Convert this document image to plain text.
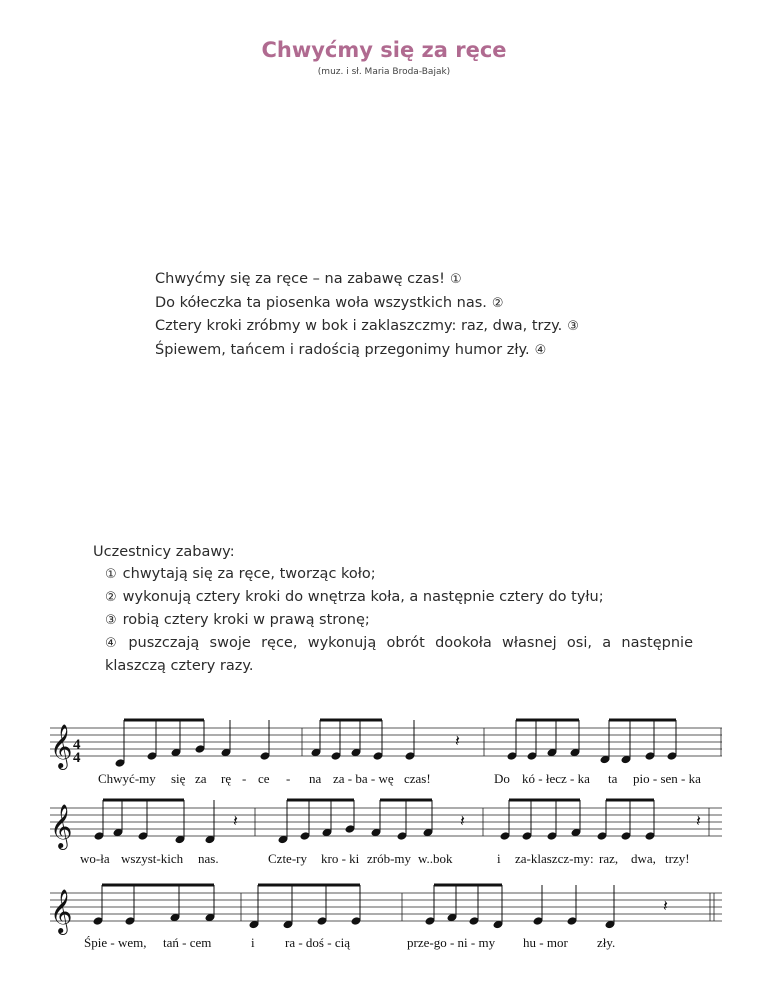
Chwyćmy się za ręce
(muz. i sł. Maria Broda-Bajak)
Chwyćmy się za ręce – na zabawę czas! ①
Do kółeczka ta piosenka woła wszystkich nas. ②
Cztery kroki zróbmy w bok i zaklaszczmy: raz, dwa, trzy. ③
Śpiewem, tańcem i radością przegonimy humor zły. ④
Uczestnicy zabawy:
① chwytają się za ręce, tworząc koło;
② wykonują cztery kroki do wnętrza koła, a następnie cztery do tyłu;
③ robią cztery kroki w prawą stronę;
④ puszczają swoje ręce, wykonują obrót dookoła własnej osi, a następnie klaszczą cztery razy.
𝄞
𝄞
𝄞
𝄽
𝄽	𝄽	𝄽
𝄽
4
4
Chwyć-my się za rę - ce - na za - ba - wę czas!	Do kó - łecz - ka ta pio - sen - ka
wo-ła wszyst-kich nas.	Czte-ry kro - ki zrób-my w..bok	i za-klaszcz-my: raz, dwa, trzy!
Śpie - wem, tań - cem	i ra - doś - cią	prze-go - ni - my hu - mor zły.
